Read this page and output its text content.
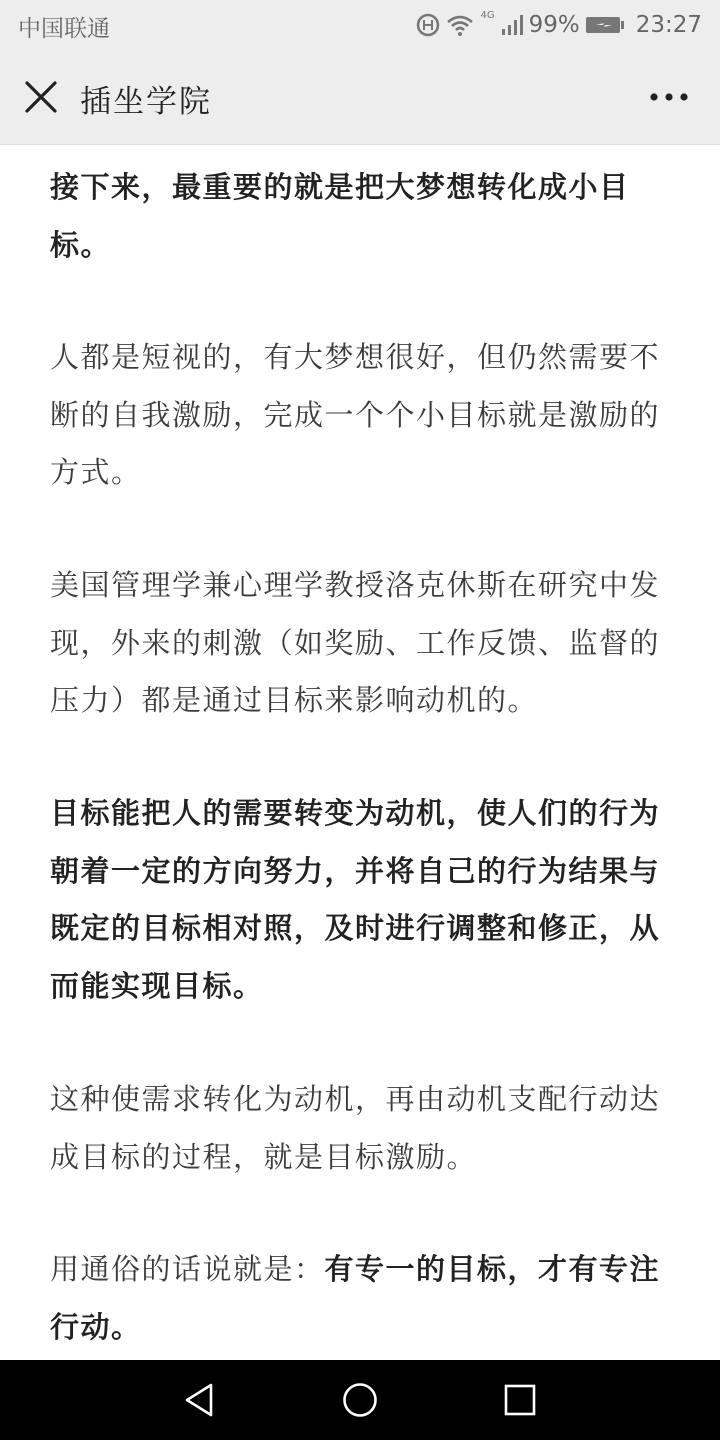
中国联通
4G 99% 23:27
插坐学院

接下来，最重要的就是把大梦想转化成小目标。

人都是短视的，有大梦想很好，但仍然需要不断的自我激励，完成一个个小目标就是激励的方式。

美国管理学兼心理学教授洛克休斯在研究中发现，外来的刺激（如奖励、工作反馈、监督的压力）都是通过目标来影响动机的。

目标能把人的需要转变为动机，使人们的行为朝着一定的方向努力，并将自己的行为结果与既定的目标相对照，及时进行调整和修正，从而能实现目标。

这种使需求转化为动机，再由动机支配行动达成目标的过程，就是目标激励。

用通俗的话说就是：有专一的目标，才有专注行动。
